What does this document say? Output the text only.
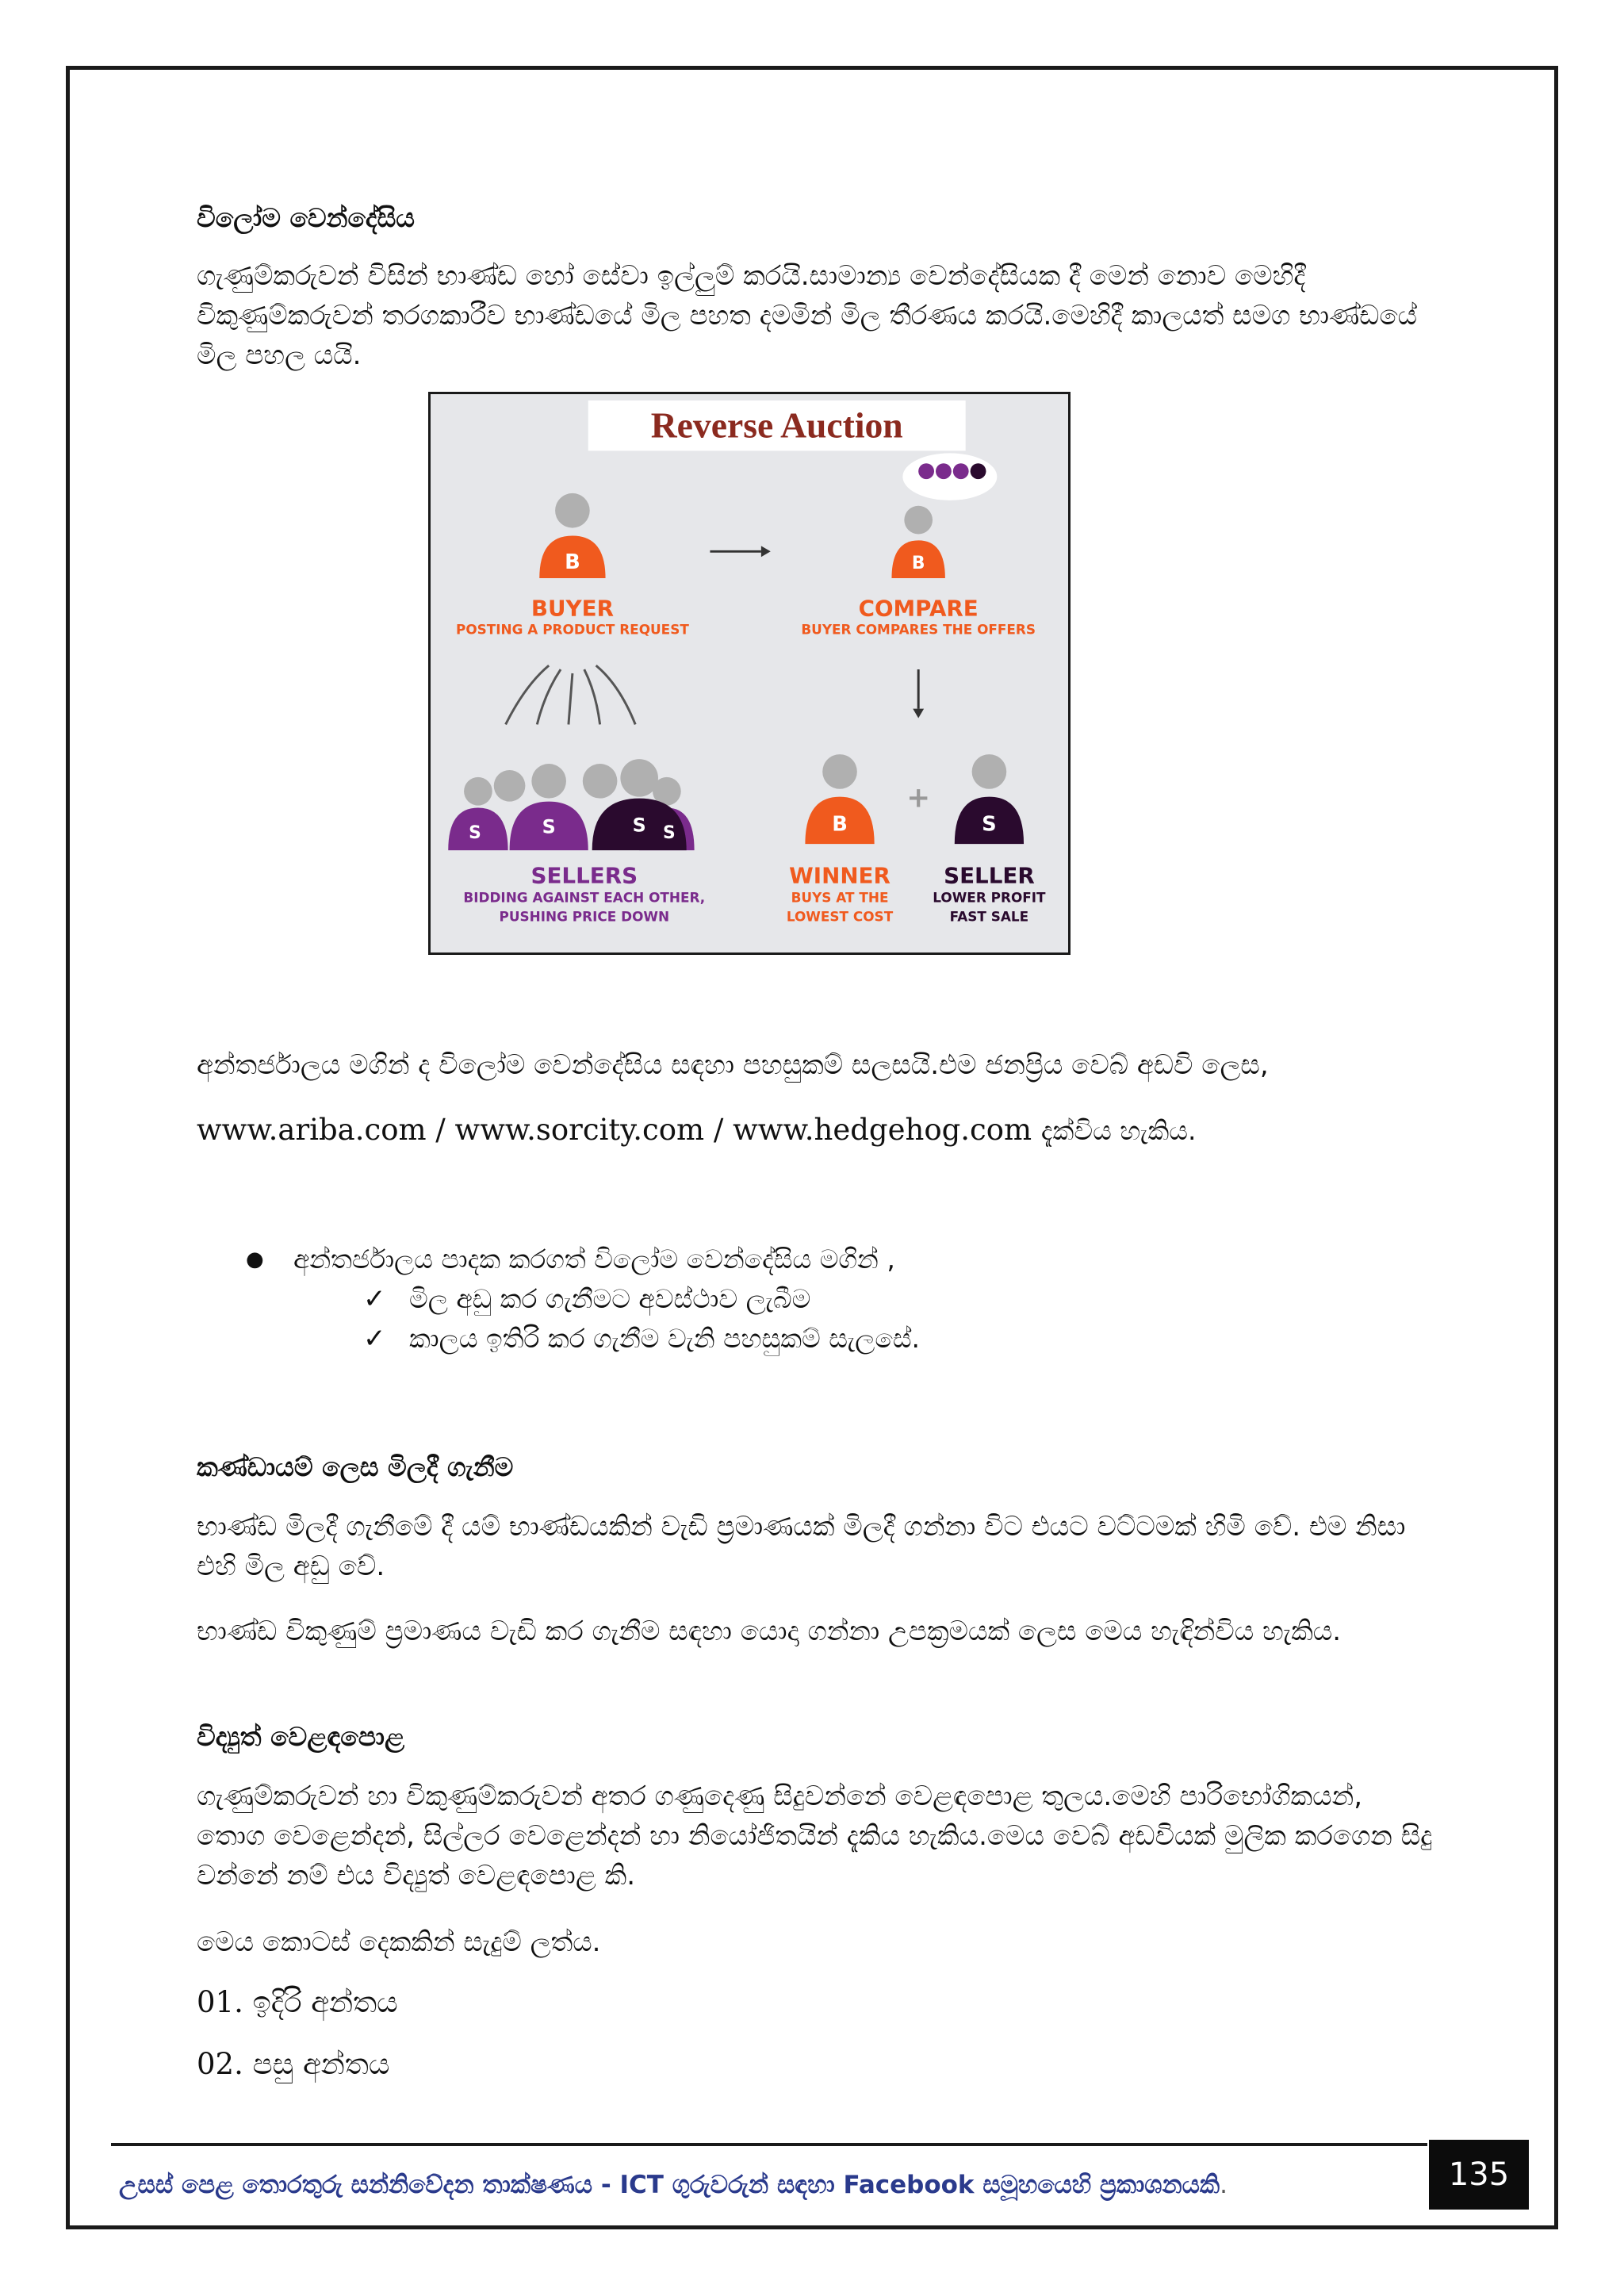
විලෝම වෙන්දේසිය
ගැණුම්කරුවන් විසින් භාණ්ඩ හෝ සේවා ඉල්ලුම් කරයි.සාමාන්‍ය වෙන්දේසියක දී මෙන් නොව මෙහිදී විකුණුම්කරුවන් තරගකාරීව භාණ්ඩයේ මිල පහත දමමින් මිල තීරණය කරයි.මෙහිදී කාලයත් සමග භාණ්ඩයේ මිල පහල යයි.
Reverse Auction
B
BUYER
POSTING A PRODUCT REQUEST
B
COMPARE
BUYER COMPARES THE OFFERS
S	S	S S
SELLERS
BIDDING AGAINST EACH OTHER,
PUSHING PRICE DOWN
B
+
S
WINNER
BUYS AT THE
LOWEST COST
SELLER
LOWER PROFIT
FAST SALE
අන්තර්ජාලය මගින් ද විලෝම වෙන්දේසිය සඳහා පහසුකම් සලසයි.එම ජනප්‍රිය වෙබ් අඩවි ලෙස,
www.ariba.com / www.sorcity.com / www.hedgehog.com දැක්විය හැකිය.
●	අන්තර්ජාලය පාදක කරගත් විලෝම වෙන්දේසිය මගින් ,
✓ මිල අඩු කර ගැනීමට අවස්ථාව ලැබීම
✓ කාලය ඉතිරි කර ගැනීම වැනි පහසුකම් සැලසේ.
කණ්ඩායම් ලෙස මිලදී ගැනීම
භාණ්ඩ මිලදී ගැනීමේ දී යම් භාණ්ඩයකින් වැඩි ප්‍රමාණයක් මිලදී ගන්නා විට එයට වට්ටමක් හිමි වේ. එම නිසා එහි මිල අඩු වේ.
භාණ්ඩ විකුණුම් ප්‍රමාණය වැඩි කර ගැනීම සඳහා යොදා ගන්නා උපක්‍රමයක් ලෙස මෙය හැඳින්විය හැකිය.
විද්‍යුත් වෙළඳපොළ
ගැණුම්කරුවන් හා විකුණුම්කරුවන් අතර ගණුදෙණු සිදුවන්නේ වෙළඳපොළ තුලය.මෙහි පාරිභෝගිකයන්, තොග වෙළෙන්දන්, සිල්ලර වෙළෙන්දන් හා නියෝජිතයින් දැකිය හැකිය.මෙය වෙබ් අඩවියක් මුලික කරගෙන සිදු වන්නේ නම් එය විද්‍යුත් වෙළඳපොළ කි.
මෙය කොටස් දෙකකින් සැදුම් ලත්ය.
01. ඉදිරි අන්තය
02. පසු අන්තය
උසස් පෙළ තොරතුරු සන්නිවේදන තාක්ෂණය - ICT ගුරුවරුන් සඳහා Facebook සමූහයෙහි ප්‍රකාශනයකි.	135
